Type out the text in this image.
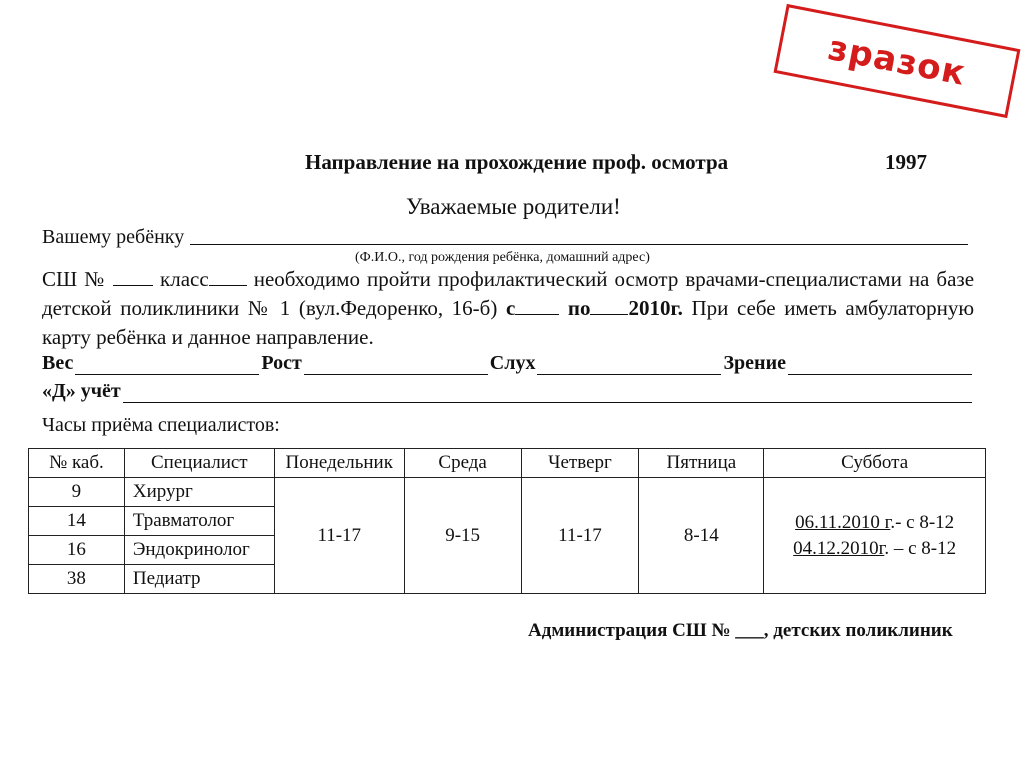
зразок
Направление на прохождение проф. осмотра	1997
Уважаемые родители!
Вашему ребёнку
(Ф.И.О., год рождения ребёнка, домашний адрес)
СШ №	класс необходимо пройти профилактический осмотр врачами-специалистами на базе детской поликлиники № 1 (вул.Федоренко, 16-б) с	по 2010г. При себе иметь амбулаторную карту ребёнка и данное направление.
Вес	Рост	Слух	Зрение
«Д» учёт
Часы приёма специалистов:
№ каб.	Специалист	Понедельник	Среда	Четверг	Пятница	Суббота
9	Хирург	11-17	9-15	11-17	8-14	06.11.2010 г.- с 8-12
04.12.2010г. – с 8-12
14	Травматолог					
16	Эндокринолог					
38	Педиатр					
Администрация СШ № ___, детских поликлиник
